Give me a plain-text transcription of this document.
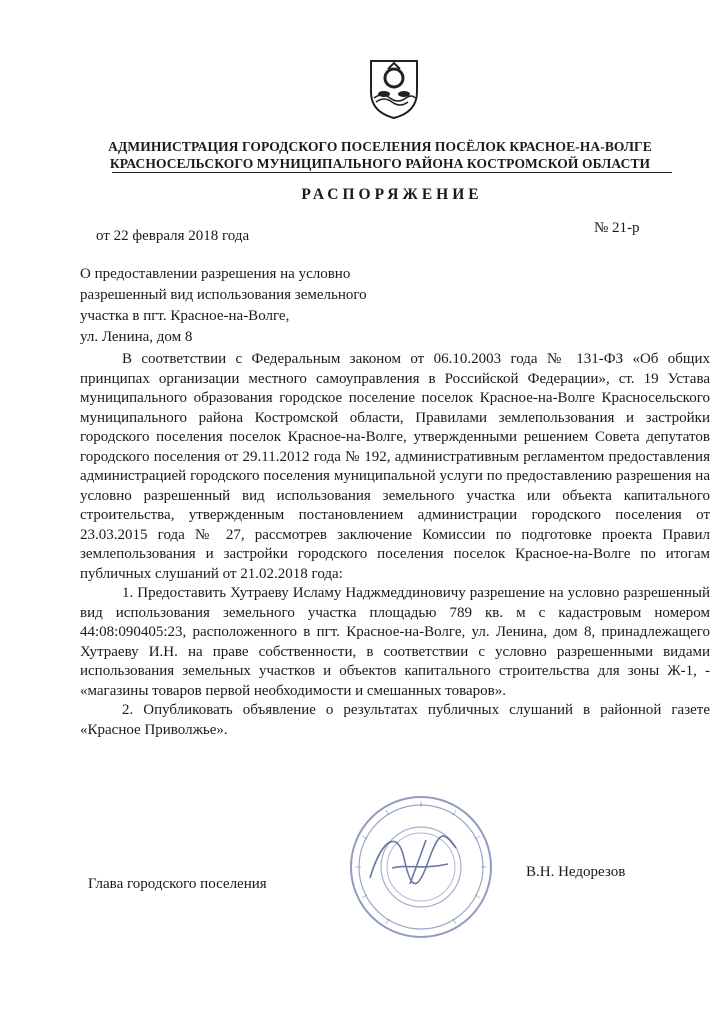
АДМИНИСТРАЦИЯ ГОРОДСКОГО ПОСЕЛЕНИЯ ПОСЁЛОК КРАСНОЕ-НА-ВОЛГЕ
КРАСНОСЕЛЬСКОГО МУНИЦИПАЛЬНОГО РАЙОНА КОСТРОМСКОЙ ОБЛАСТИ
РАСПОРЯЖЕНИЕ
от 22 февраля 2018 года	№ 21-р
О предоставлении разрешения на условно
разрешенный вид использования земельного
участка в пгт. Красное-на-Волге,
ул. Ленина, дом 8

В соответствии с Федеральным законом от 06.10.2003 года № 131-ФЗ «Об общих принципах организации местного самоуправления в Российской Федерации», ст. 19 Устава муниципального образования городское поселение поселок Красное-на-Волге Красносельского муниципального района Костромской области, Правилами землепользования и застройки городского поселения поселок Красное-на-Волге, утвержденными решением Совета депутатов городского поселения от 29.11.2012 года № 192, административным регламентом предоставления администрацией городского поселения муниципальной услуги по предоставлению разрешения на условно разрешенный вид использования земельного участка или объекта капитального строительства, утвержденным постановлением администрации городского поселения от 23.03.2015 года № 27, рассмотрев заключение Комиссии по подготовке проекта Правил землепользования и застройки городского поселения поселок Красное-на-Волге по итогам публичных слушаний от 21.02.2018 года:

1. Предоставить Хутраеву Исламу Наджмеддиновичу разрешение на условно разрешенный вид использования земельного участка площадью 789 кв. м с кадастровым номером 44:08:090405:23, расположенного в пгт. Красное-на-Волге, ул. Ленина, дом 8, принадлежащего Хутраеву И.Н. на праве собственности, в соответствии с условно разрешенными видами использования земельных участков и объектов капитального строительства для зоны Ж-1, - «магазины товаров первой необходимости и смешанных товаров».

2. Опубликовать объявление о результатах публичных слушаний в районной газете «Красное Приволжье».

Глава городского поселения
В.Н. Недорезов
